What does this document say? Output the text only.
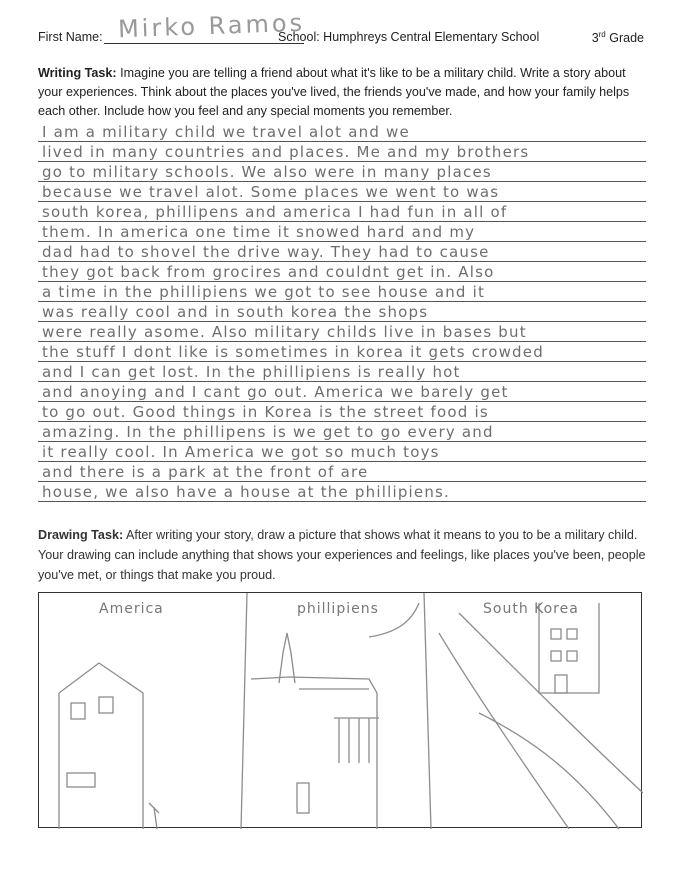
First Name: Mirko Ramos
School: Humphreys Central Elementary School	3rd Grade
Writing Task: Imagine you are telling a friend about what it's like to be a military child. Write a story about your experiences. Think about the places you've lived, the friends you've made, and how your family helps each other. Include how you feel and any special moments you remember.
I am a military child we travel alot and we
lived in many countries and places. Me and my brothers
go to military schools. We also were in many places
because we travel alot. Some places we went to was
south korea, phillipens and america I had fun in all of
them. In america one time it snowed hard and my
dad had to shovel the drive way. They had to cause
they got back from grocires and couldnt get in. Also
a time in the phillipiens we got to see house and it
was really cool and in south korea the shops
were really asome. Also military childs live in bases but
the stuff I dont like is sometimes in korea it gets crowded
and I can get lost. In the phillipiens is really hot
and anoying and I cant go out. America we barely get
to go out. Good things in Korea is the street food is
amazing. In the phillipens is we get to go every and
it really cool. In America we got so much toys
and there is a park at the front of are
house, we also have a house at the phillipiens.
Drawing Task: After writing your story, draw a picture that shows what it means to you to be a military child. Your drawing can include anything that shows your experiences and feelings, like places you've been, people you've met, or things that make you proud.
America	phillipiens	South Korea
